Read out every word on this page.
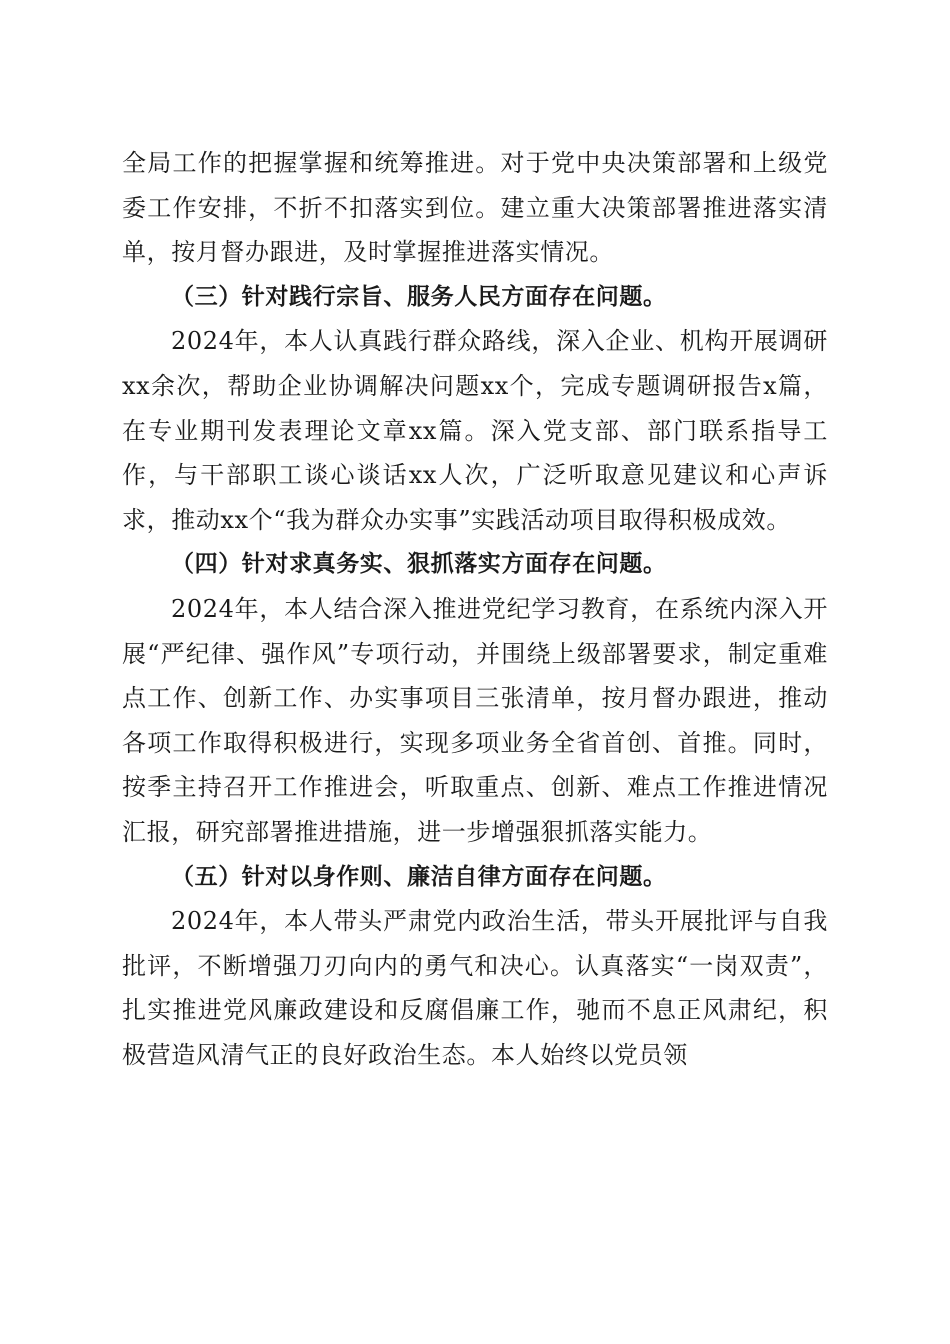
全局工作的把握掌握和统筹推进。对于党中央决策部署和上级党委工作安排，不折不扣落实到位。建立重大决策部署推进落实清单，按月督办跟进，及时掌握推进落实情况。

（三）针对践行宗旨、服务人民方面存在问题。

2024年，本人认真践行群众路线，深入企业、机构开展调研xx余次，帮助企业协调解决问题xx个，完成专题调研报告x篇，在专业期刊发表理论文章xx篇。深入党支部、部门联系指导工作，与干部职工谈心谈话xx人次，广泛听取意见建议和心声诉求，推动xx个“我为群众办实事”实践活动项目取得积极成效。

（四）针对求真务实、狠抓落实方面存在问题。

2024年，本人结合深入推进党纪学习教育，在系统内深入开展“严纪律、强作风”专项行动，并围绕上级部署要求，制定重难点工作、创新工作、办实事项目三张清单，按月督办跟进，推动各项工作取得积极进行，实现多项业务全省首创、首推。同时，按季主持召开工作推进会，听取重点、创新、难点工作推进情况汇报，研究部署推进措施，进一步增强狠抓落实能力。

（五）针对以身作则、廉洁自律方面存在问题。

2024年，本人带头严肃党内政治生活，带头开展批评与自我批评，不断增强刀刃向内的勇气和决心。认真落实“一岗双责”，扎实推进党风廉政建设和反腐倡廉工作，驰而不息正风肃纪，积极营造风清气正的良好政治生态。本人始终以党员领
